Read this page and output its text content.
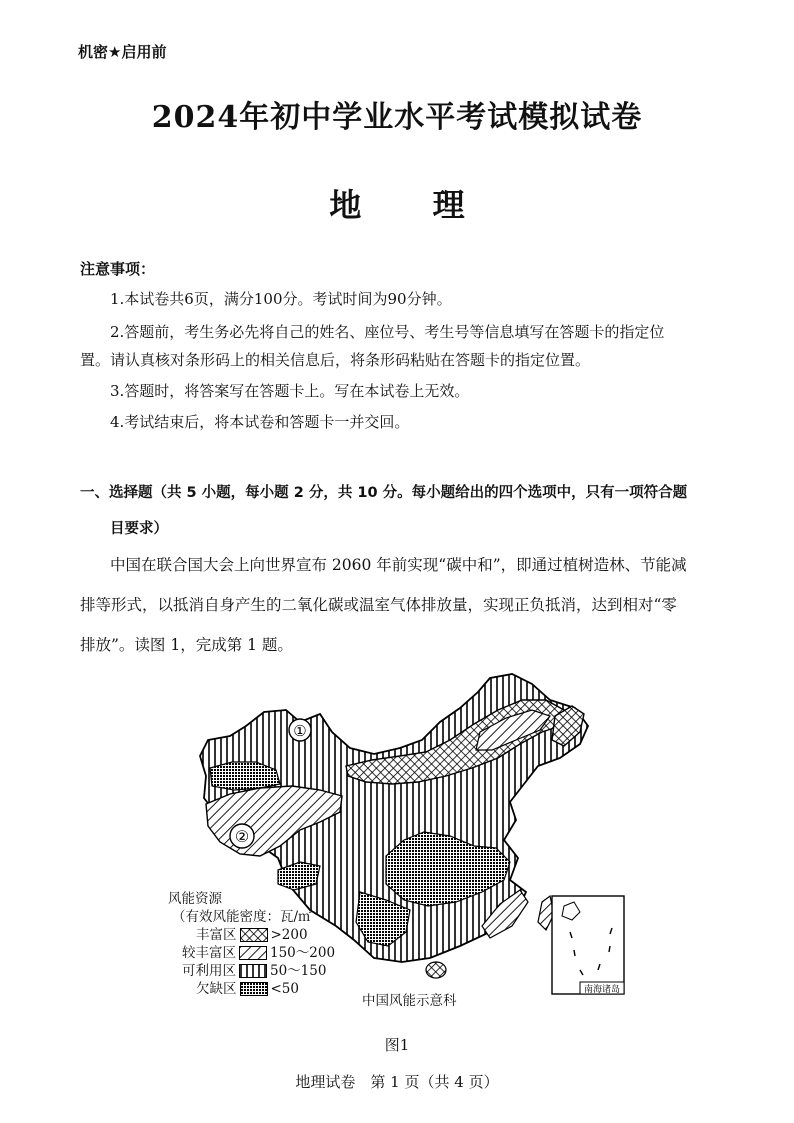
机密★启用前
2024年初中学业水平考试模拟试卷
地 理
注意事项：
1.本试卷共6页，满分100分。考试时间为90分钟。
2.答题前，考生务必先将自己的姓名、座位号、考生号等信息填写在答题卡的指定位
置。请认真核对条形码上的相关信息后，将条形码粘贴在答题卡的指定位置。
3.答题时，将答案写在答题卡上。写在本试卷上无效。
4.考试结束后，将本试卷和答题卡一并交回。
一、选择题（共 5 小题，每小题 2 分，共 10 分。每小题给出的四个选项中，只有一项符合题
目要求）
中国在联合国大会上向世界宣布 2060 年前实现“碳中和”，即通过植树造林、节能减
排等形式，以抵消自身产生的二氧化碳或温室气体排放量，实现正负抵消，达到相对“零
排放”。读图 1，完成第 1 题。
①
②
南海诸岛
风能资源
（有效风能密度：瓦/㎡
丰富区	>200
较丰富区	150～200
可利用区	50～150
欠缺区	<50
中国风能示意科
图1
地理试卷　第 1 页（共 4 页）
